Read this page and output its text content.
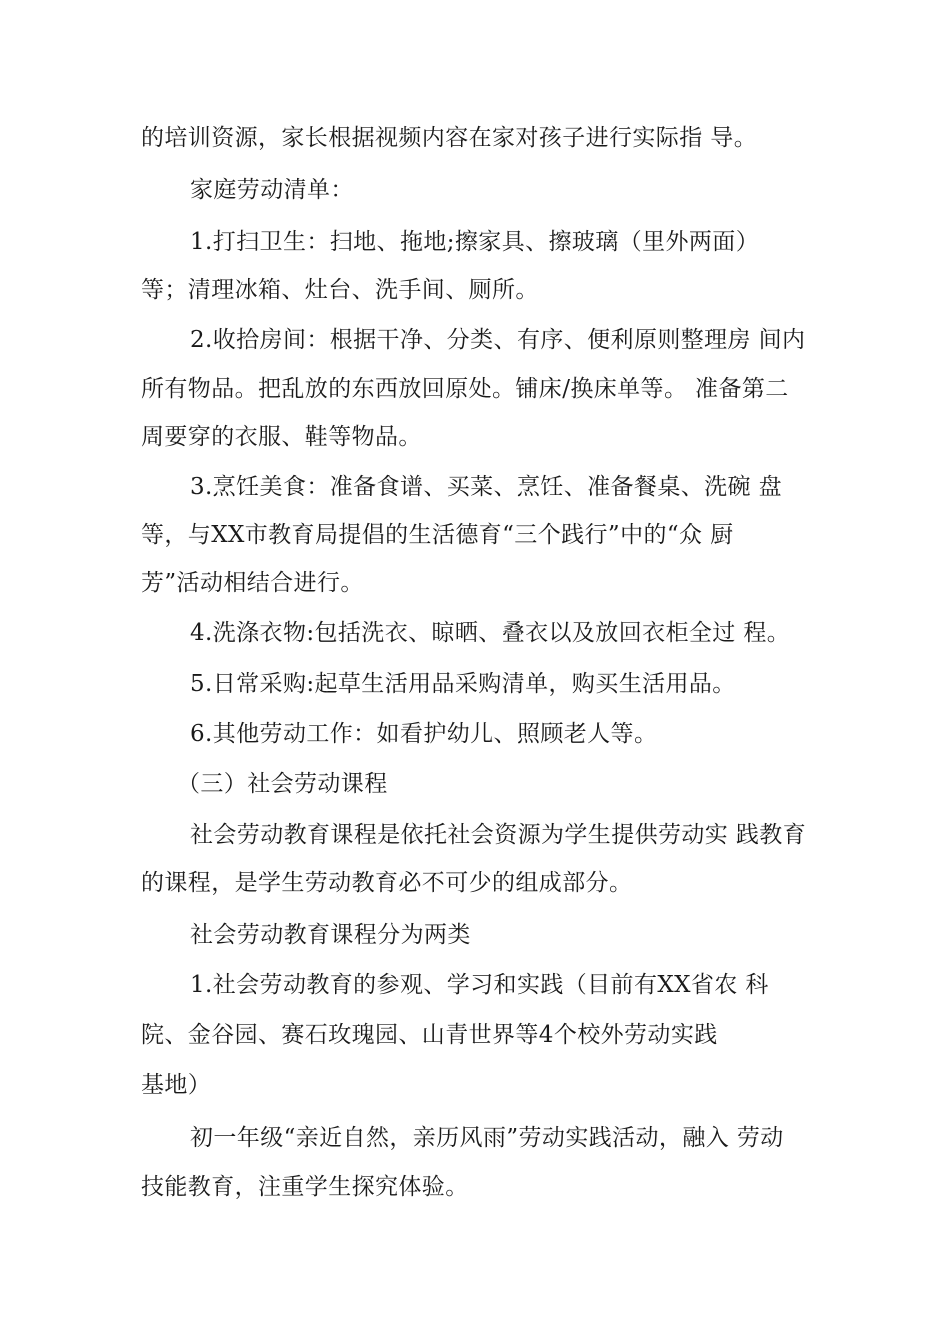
的培训资源，家长根据视频内容在家对孩子进行实际指 导。
家庭劳动清单：
1.打扫卫生：扫地、拖地;擦家具、擦玻璃（里外两面）
等；清理冰箱、灶台、洗手间、厕所。
2.收拾房间：根据干净、分类、有序、便利原则整理房 间内
所有物品。把乱放的东西放回原处。铺床/换床单等。 准备第二
周要穿的衣服、鞋等物品。
3.烹饪美食：准备食谱、买菜、烹饪、准备餐桌、洗碗 盘
等，与XX市教育局提倡的生活德育“三个践行”中的“众 厨
芳”活动相结合进行。
4.洗涤衣物:包括洗衣、晾晒、叠衣以及放回衣柜全过 程。
5.日常采购:起草生活用品采购清单，购买生活用品。
6.其他劳动工作：如看护幼儿、照顾老人等。
（三）社会劳动课程
社会劳动教育课程是依托社会资源为学生提供劳动实 践教育
的课程，是学生劳动教育必不可少的组成部分。
社会劳动教育课程分为两类
1.社会劳动教育的参观、学习和实践（目前有XX省农 科
院、金谷园、赛石玫瑰园、山青世界等4个校外劳动实践
基地）
初一年级“亲近自然，亲历风雨”劳动实践活动，融入 劳动
技能教育，注重学生探究体验。
